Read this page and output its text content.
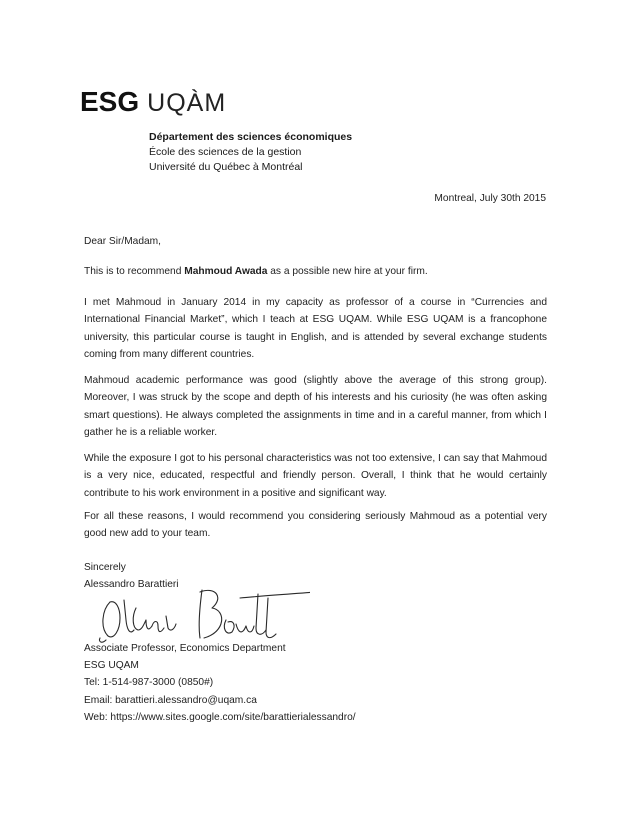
ESG UQÀM
Département des sciences économiques
École des sciences de la gestion
Université du Québec à Montréal
Montreal, July 30th 2015
Dear Sir/Madam,
This is to recommend Mahmoud Awada as a possible new hire at your firm.
I met Mahmoud in January 2014 in my capacity as professor of a course in “Currencies and International Financial Market”, which I teach at ESG UQAM. While ESG UQAM is a francophone university, this particular course is taught in English, and is attended by several exchange students coming from many different countries.
Mahmoud academic performance was good (slightly above the average of this strong group). Moreover, I was struck by the scope and depth of his interests and his curiosity (he was often asking smart questions). He always completed the assignments in time and in a careful manner, from which I gather he is a reliable worker.
While the exposure I got to his personal characteristics was not too extensive, I can say that Mahmoud is a very nice, educated, respectful and friendly person. Overall, I think that he would certainly contribute to his work environment in a positive and significant way.
For all these reasons, I would recommend you considering seriously Mahmoud as a potential very good new add to your team.
Sincerely
Alessandro Barattieri
Associate Professor, Economics Department
ESG UQAM
Tel: 1-514-987-3000 (0850#)
Email: barattieri.alessandro@uqam.ca
Web: https://www.sites.google.com/site/barattierialessandro/
